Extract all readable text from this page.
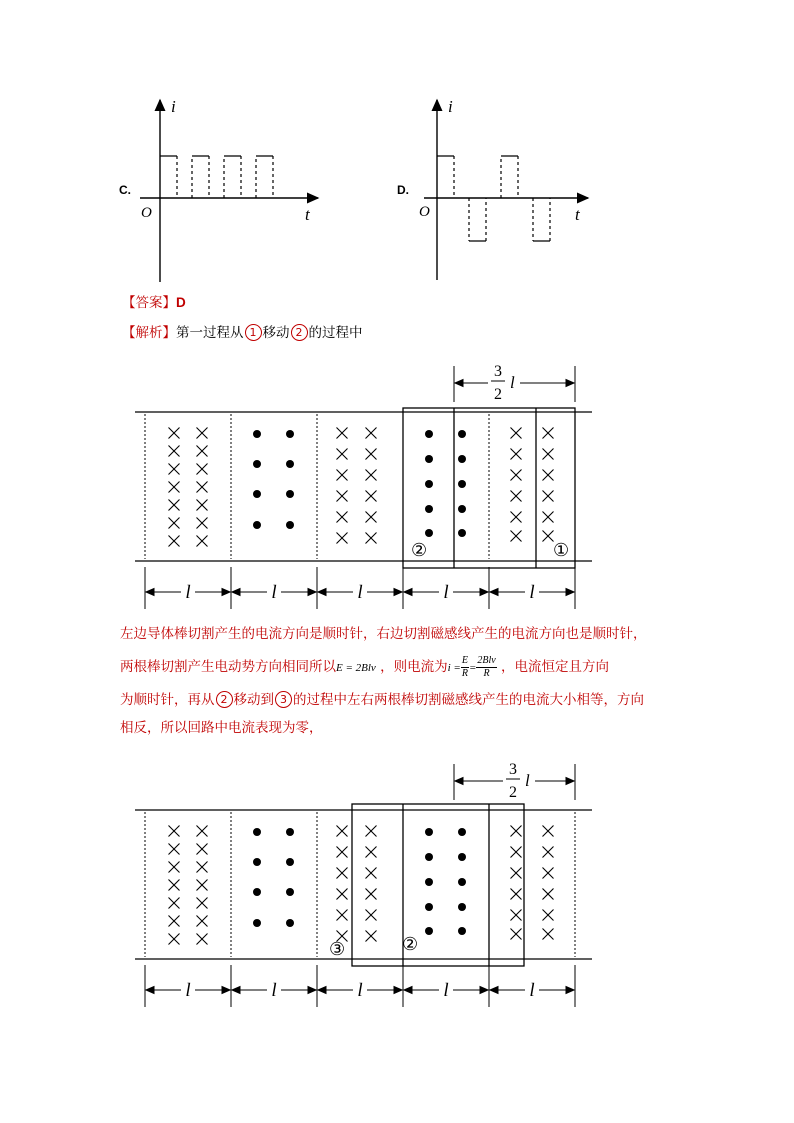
C.
i
t
O
D.
i
t
O
【答案】D
【解析】第一过程从 1 移动 2 的过程中
3
2
l
②	①
l	l	l	l	l
左边导体棒切割产生的电流方向是顺时针，右边切割磁感线产生的电流方向也是顺时针，
两根棒切割产生电动势方向相同所以E = 2Blv ，则电流为$i = \frac{E}{R} = \frac{\text{2Blv}}{R}$ ，电流恒定且方向
为顺时针，再从 2 移动到 3 的过程中左右两根棒切割磁感线产生的电流大小相等，方向
相反，所以回路中电流表现为零，
3
2
l
③	②
l	l	l	l	l
